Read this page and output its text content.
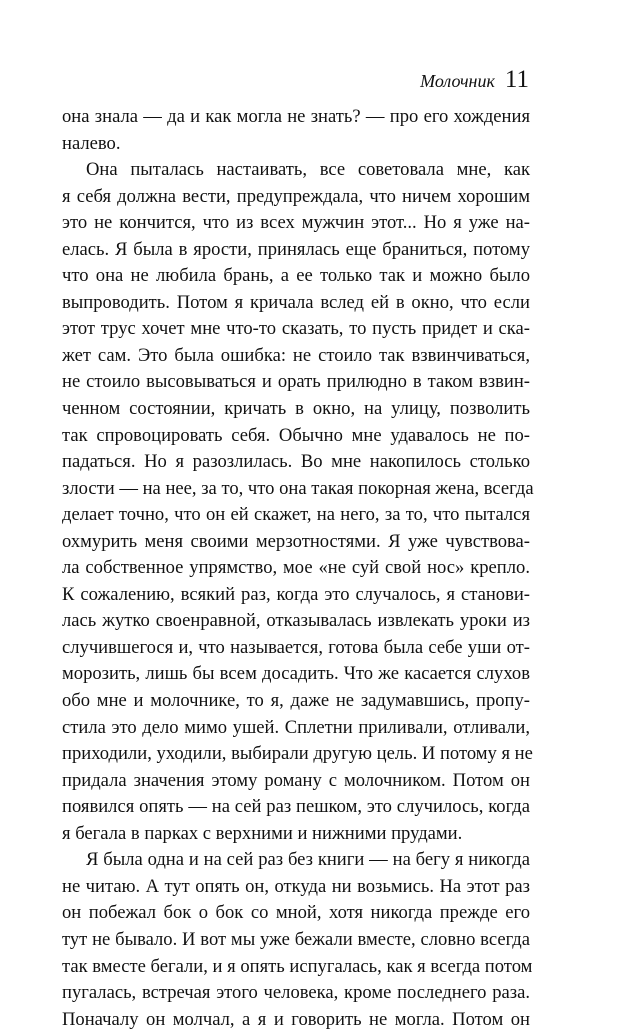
Молочник 11
она знала — да и как могла не знать? — про его хождения
налево.
Она пыталась настаивать, все советовала мне, как
я себя должна вести, предупреждала, что ничем хорошим
это не кончится, что из всех мужчин этот... Но я уже на-
елась. Я была в ярости, принялась еще браниться, потому
что она не любила брань, а ее только так и можно было
выпроводить. Потом я кричала вслед ей в окно, что если
этот трус хочет мне что-то сказать, то пусть придет и ска-
жет сам. Это была ошибка: не стоило так взвинчиваться,
не стоило высовываться и орать прилюдно в таком взвин-
ченном состоянии, кричать в окно, на улицу, позволить
так спровоцировать себя. Обычно мне удавалось не по-
падаться. Но я разозлилась. Во мне накопилось столько
злости — на нее, за то, что она такая покорная жена, всегда
делает точно, что он ей скажет, на него, за то, что пытался
охмурить меня своими мерзотностями. Я уже чувствова-
ла собственное упрямство, мое «не суй свой нос» крепло.
К сожалению, всякий раз, когда это случалось, я станови-
лась жутко своенравной, отказывалась извлекать уроки из
случившегося и, что называется, готова была себе уши от-
морозить, лишь бы всем досадить. Что же касается слухов
обо мне и молочнике, то я, даже не задумавшись, пропу-
стила это дело мимо ушей. Сплетни приливали, отливали,
приходили, уходили, выбирали другую цель. И потому я не
придала значения этому роману с молочником. Потом он
появился опять — на сей раз пешком, это случилось, когда
я бегала в парках с верхними и нижними прудами.
Я была одна и на сей раз без книги — на бегу я никогда
не читаю. А тут опять он, откуда ни возьмись. На этот раз
он побежал бок о бок со мной, хотя никогда прежде его
тут не бывало. И вот мы уже бежали вместе, словно всегда
так вместе бегали, и я опять испугалась, как я всегда потом
пугалась, встречая этого человека, кроме последнего раза.
Поначалу он молчал, а я и говорить не могла. Потом он
